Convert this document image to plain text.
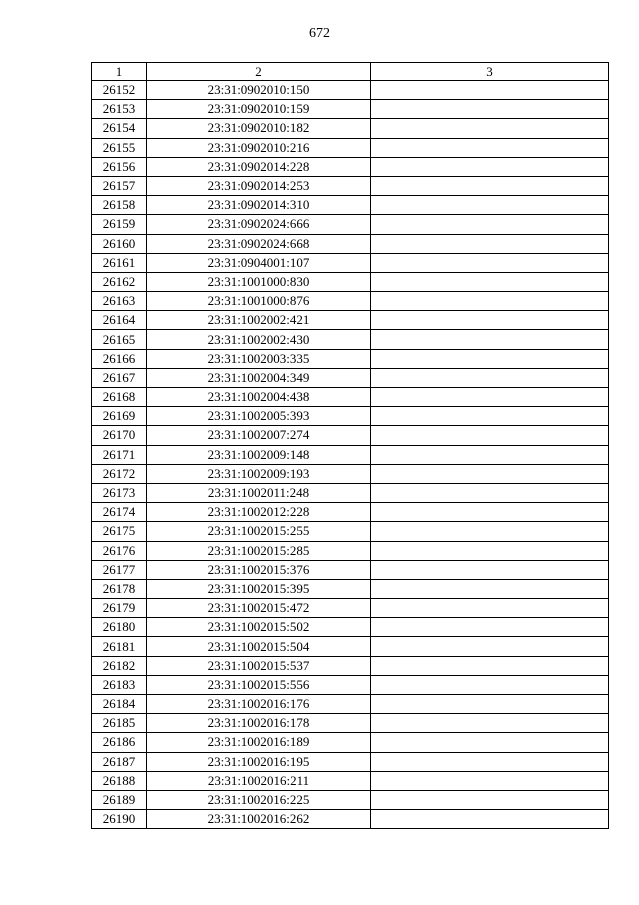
672
1	2	3
26152	23:31:0902010:150	
26153	23:31:0902010:159	
26154	23:31:0902010:182	
26155	23:31:0902010:216	
26156	23:31:0902014:228	
26157	23:31:0902014:253	
26158	23:31:0902014:310	
26159	23:31:0902024:666	
26160	23:31:0902024:668	
26161	23:31:0904001:107	
26162	23:31:1001000:830	
26163	23:31:1001000:876	
26164	23:31:1002002:421	
26165	23:31:1002002:430	
26166	23:31:1002003:335	
26167	23:31:1002004:349	
26168	23:31:1002004:438	
26169	23:31:1002005:393	
26170	23:31:1002007:274	
26171	23:31:1002009:148	
26172	23:31:1002009:193	
26173	23:31:1002011:248	
26174	23:31:1002012:228	
26175	23:31:1002015:255	
26176	23:31:1002015:285	
26177	23:31:1002015:376	
26178	23:31:1002015:395	
26179	23:31:1002015:472	
26180	23:31:1002015:502	
26181	23:31:1002015:504	
26182	23:31:1002015:537	
26183	23:31:1002015:556	
26184	23:31:1002016:176	
26185	23:31:1002016:178	
26186	23:31:1002016:189	
26187	23:31:1002016:195	
26188	23:31:1002016:211	
26189	23:31:1002016:225	
26190	23:31:1002016:262	
